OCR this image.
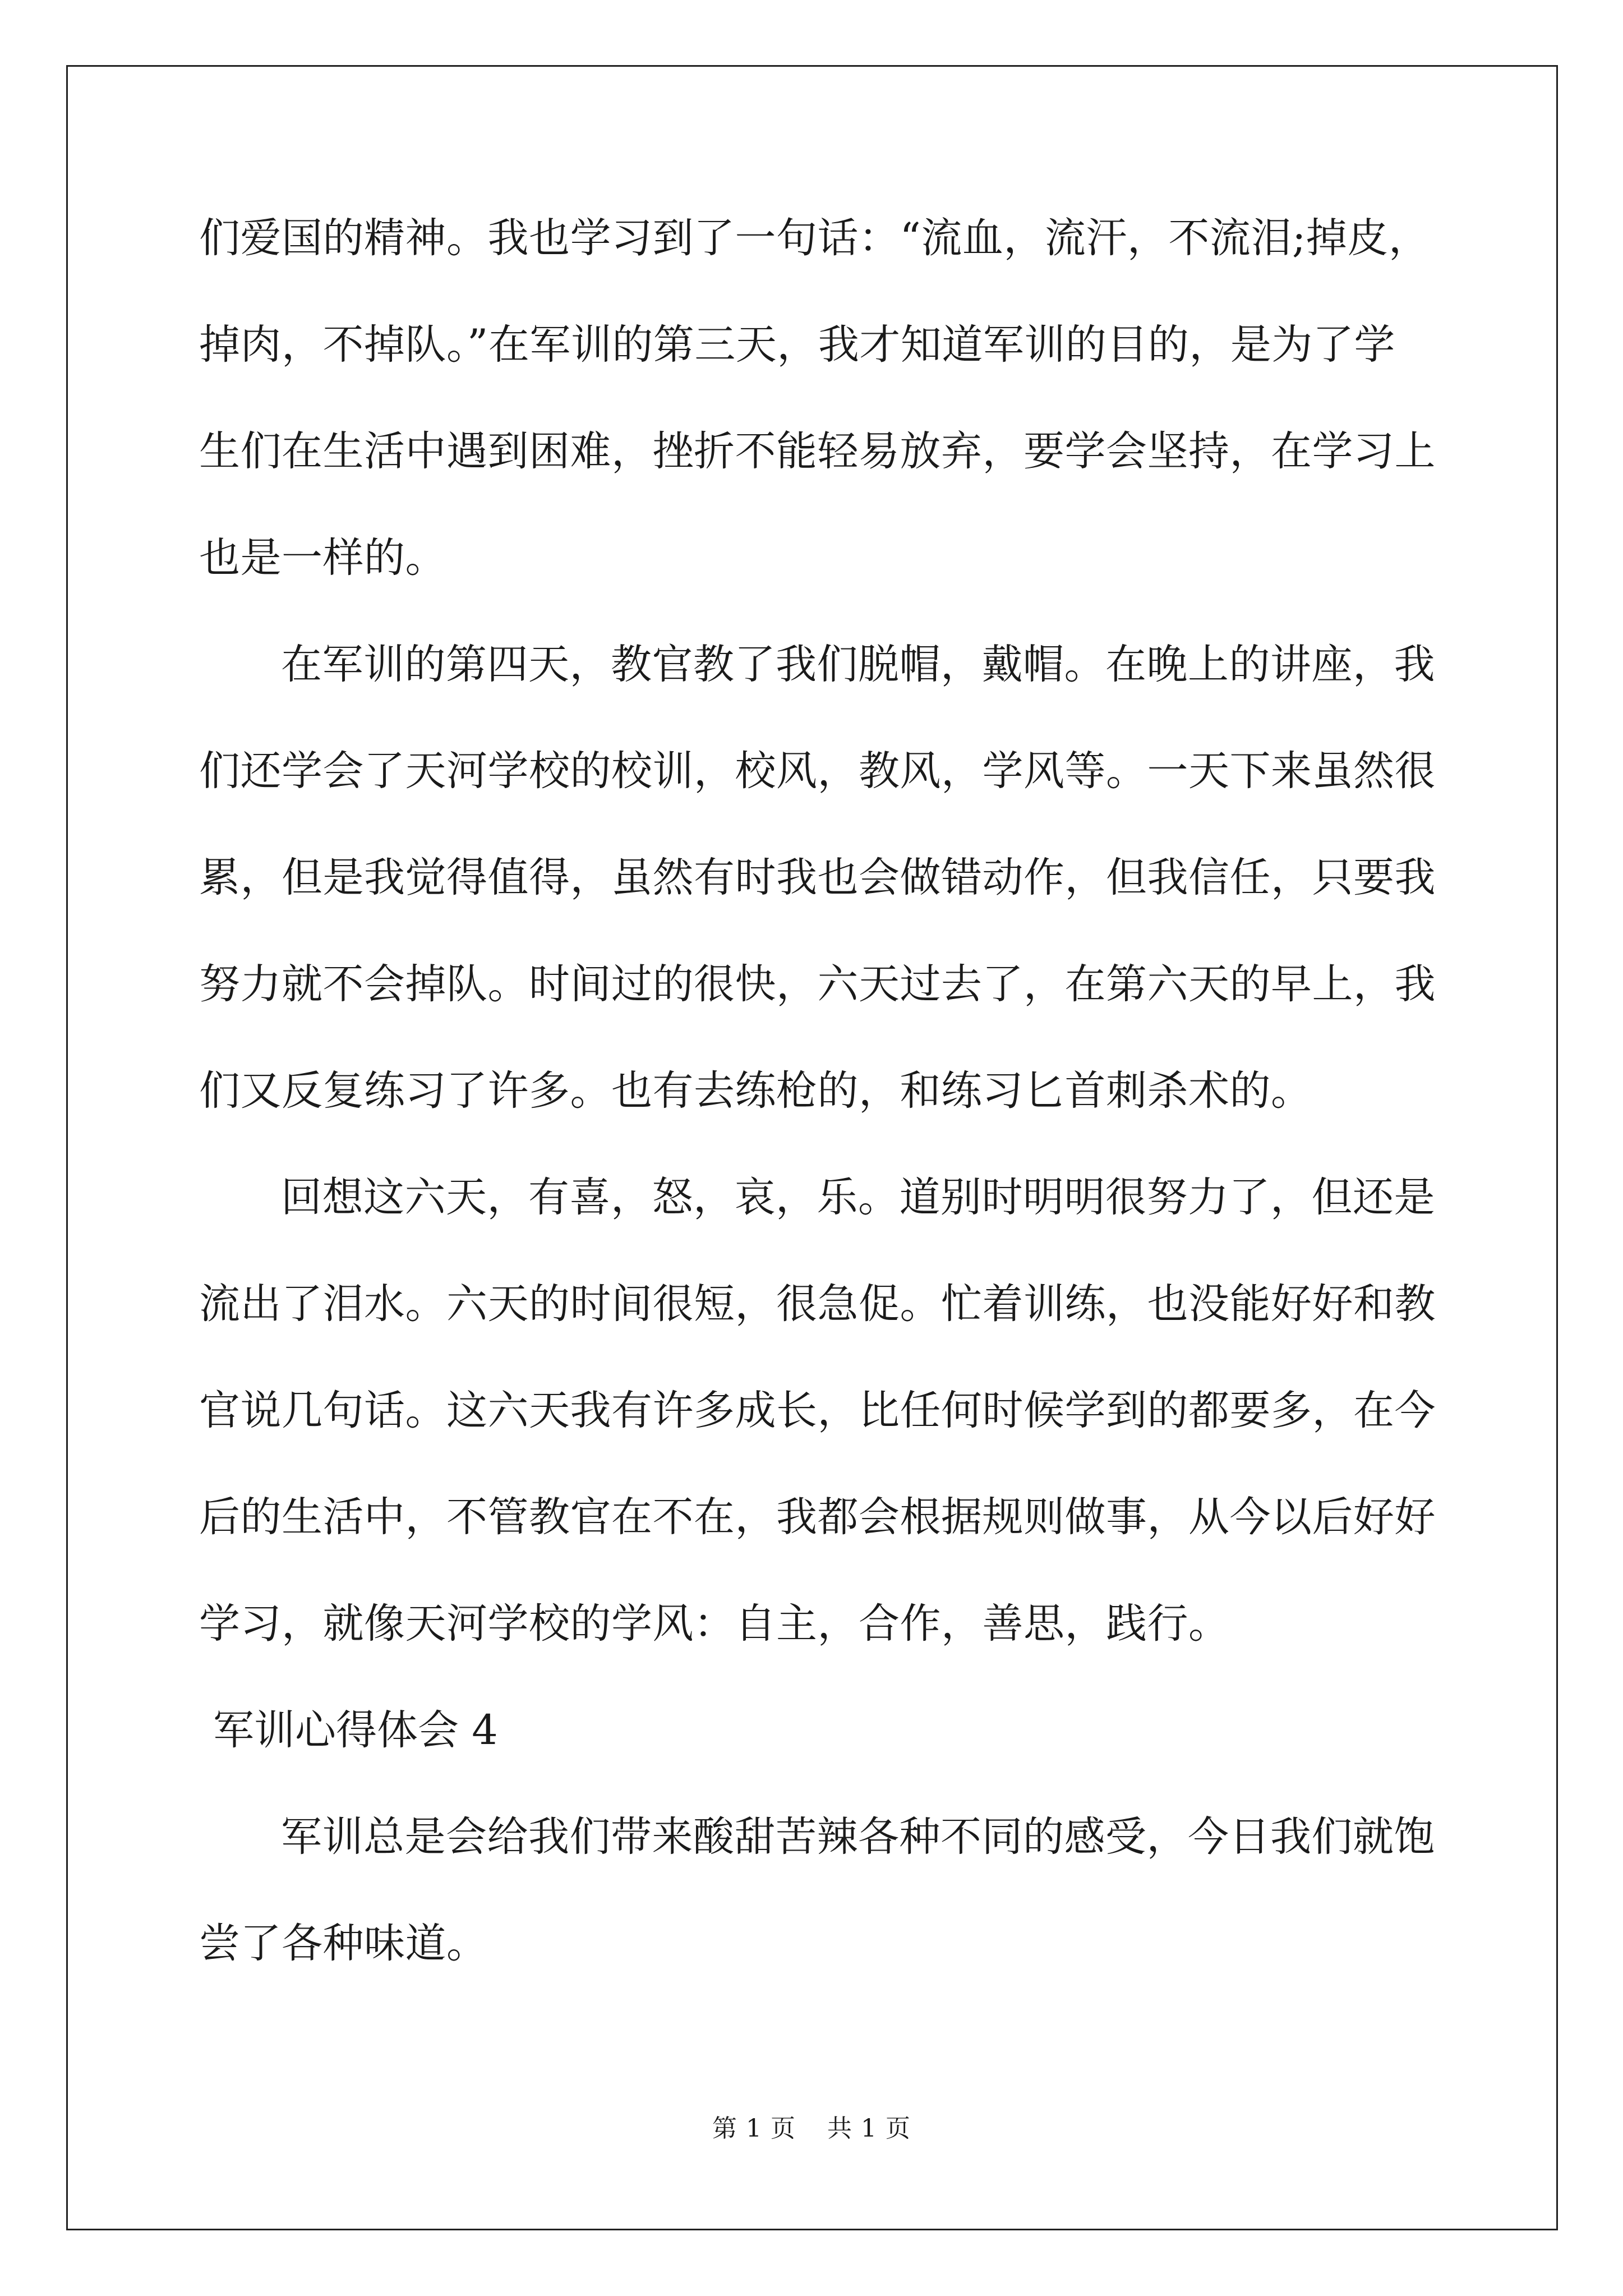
们爱国的精神。我也学习到了一句话：“流血，流汗，不流泪;掉皮，
掉肉，不掉队。”在军训的第三天，我才知道军训的目的，是为了学
生们在生活中遇到困难，挫折不能轻易放弃，要学会坚持，在学习上
也是一样的。
在军训的第四天，教官教了我们脱帽，戴帽。在晚上的讲座，我
们还学会了天河学校的校训，校风，教风，学风等。一天下来虽然很
累，但是我觉得值得，虽然有时我也会做错动作，但我信任，只要我
努力就不会掉队。时间过的很快，六天过去了，在第六天的早上，我
们又反复练习了许多。也有去练枪的，和练习匕首刺杀术的。
回想这六天，有喜，怒，哀，乐。道别时明明很努力了，但还是
流出了泪水。六天的时间很短，很急促。忙着训练，也没能好好和教
官说几句话。这六天我有许多成长，比任何时候学到的都要多，在今
后的生活中，不管教官在不在，我都会根据规则做事，从今以后好好
学习，就像天河学校的学风：自主，合作，善思，践行。
军训心得体会 4
军训总是会给我们带来酸甜苦辣各种不同的感受，今日我们就饱
尝了各种味道。
第 1 页 共 1 页
